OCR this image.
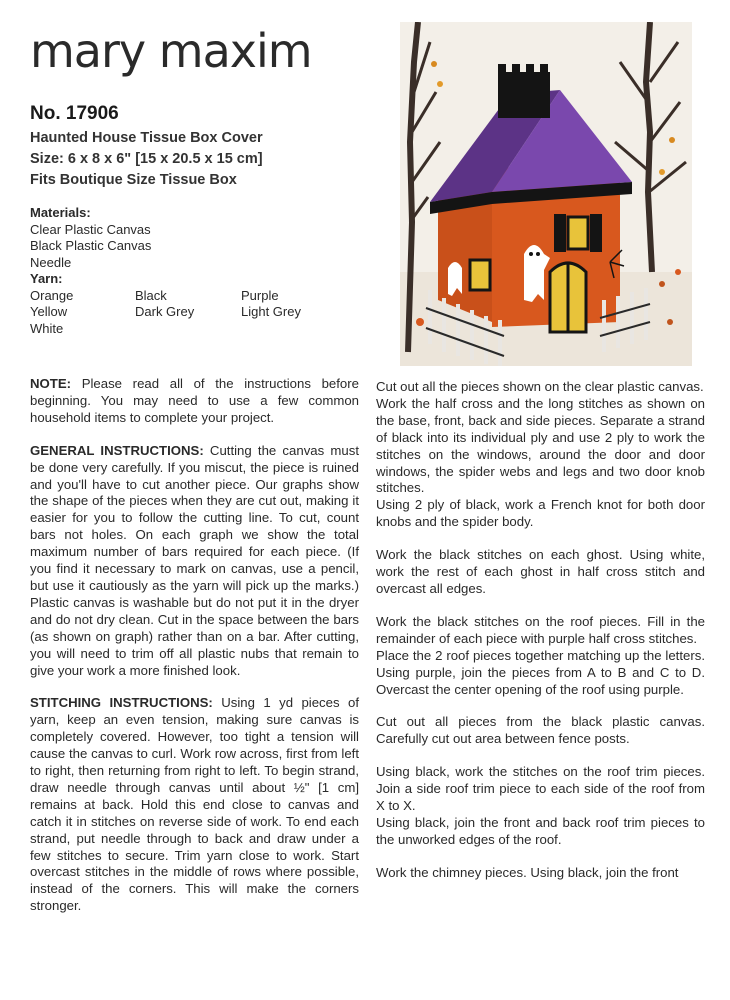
mary maxim
No. 17906
Haunted House Tissue Box Cover
Size: 6 x 8 x 6" [15 x 20.5 x 15 cm]
Fits Boutique Size Tissue Box
Materials:
Clear Plastic Canvas
Black Plastic Canvas
Needle
Yarn:
Orange	Black	Purple
Yellow	Dark Grey	Light Grey
White

NOTE: Please read all of the instructions before beginning. You may need to use a few common household items to complete your project.

GENERAL INSTRUCTIONS: Cutting the canvas must be done very carefully. If you miscut, the piece is ruined and you'll have to cut another piece. Our graphs show the shape of the pieces when they are cut out, making it easier for you to follow the cutting line. To cut, count bars not holes. On each graph we show the total maximum number of bars required for each piece. (If you find it necessary to mark on canvas, use a pencil, but use it cautiously as the yarn will pick up the marks.) Plastic canvas is washable but do not put it in the dryer and do not dry clean. Cut in the space between the bars (as shown on graph) rather than on a bar. After cutting, you will need to trim off all plastic nubs that remain to give your work a more finished look.

STITCHING INSTRUCTIONS: Using 1 yd pieces of yarn, keep an even tension, making sure canvas is completely covered. However, too tight a tension will cause the canvas to curl. Work row across, first from left to right, then returning from right to left. To begin strand, draw needle through canvas until about ½" [1 cm] remains at back. Hold this end close to canvas and catch it in stitches on reverse side of work. To end each strand, put needle through to back and draw under a few stitches to secure. Trim yarn close to work. Start overcast stitches in the middle of rows where possible, instead of the corners. This will make the corners stronger.

Cut out all the pieces shown on the clear plastic canvas.

Work the half cross and the long stitches as shown on the base, front, back and side pieces. Separate a strand of black into its individual ply and use 2 ply to work the stitches on the windows, around the door and door windows, the spider webs and legs and two door knob stitches.

Using 2 ply of black, work a French knot for both door knobs and the spider body.

Work the black stitches on each ghost. Using white, work the rest of each ghost in half cross stitch and overcast all edges.

Work the black stitches on the roof pieces. Fill in the remainder of each piece with purple half cross stitches.

Place the 2 roof pieces together matching up the letters. Using purple, join the pieces from A to B and C to D. Overcast the center opening of the roof using purple.

Cut out all pieces from the black plastic canvas. Carefully cut out area between fence posts.

Using black, work the stitches on the roof trim pieces. Join a side roof trim piece to each side of the roof from X to X.

Using black, join the front and back roof trim pieces to the unworked edges of the roof.

Work the chimney pieces. Using black, join the front
